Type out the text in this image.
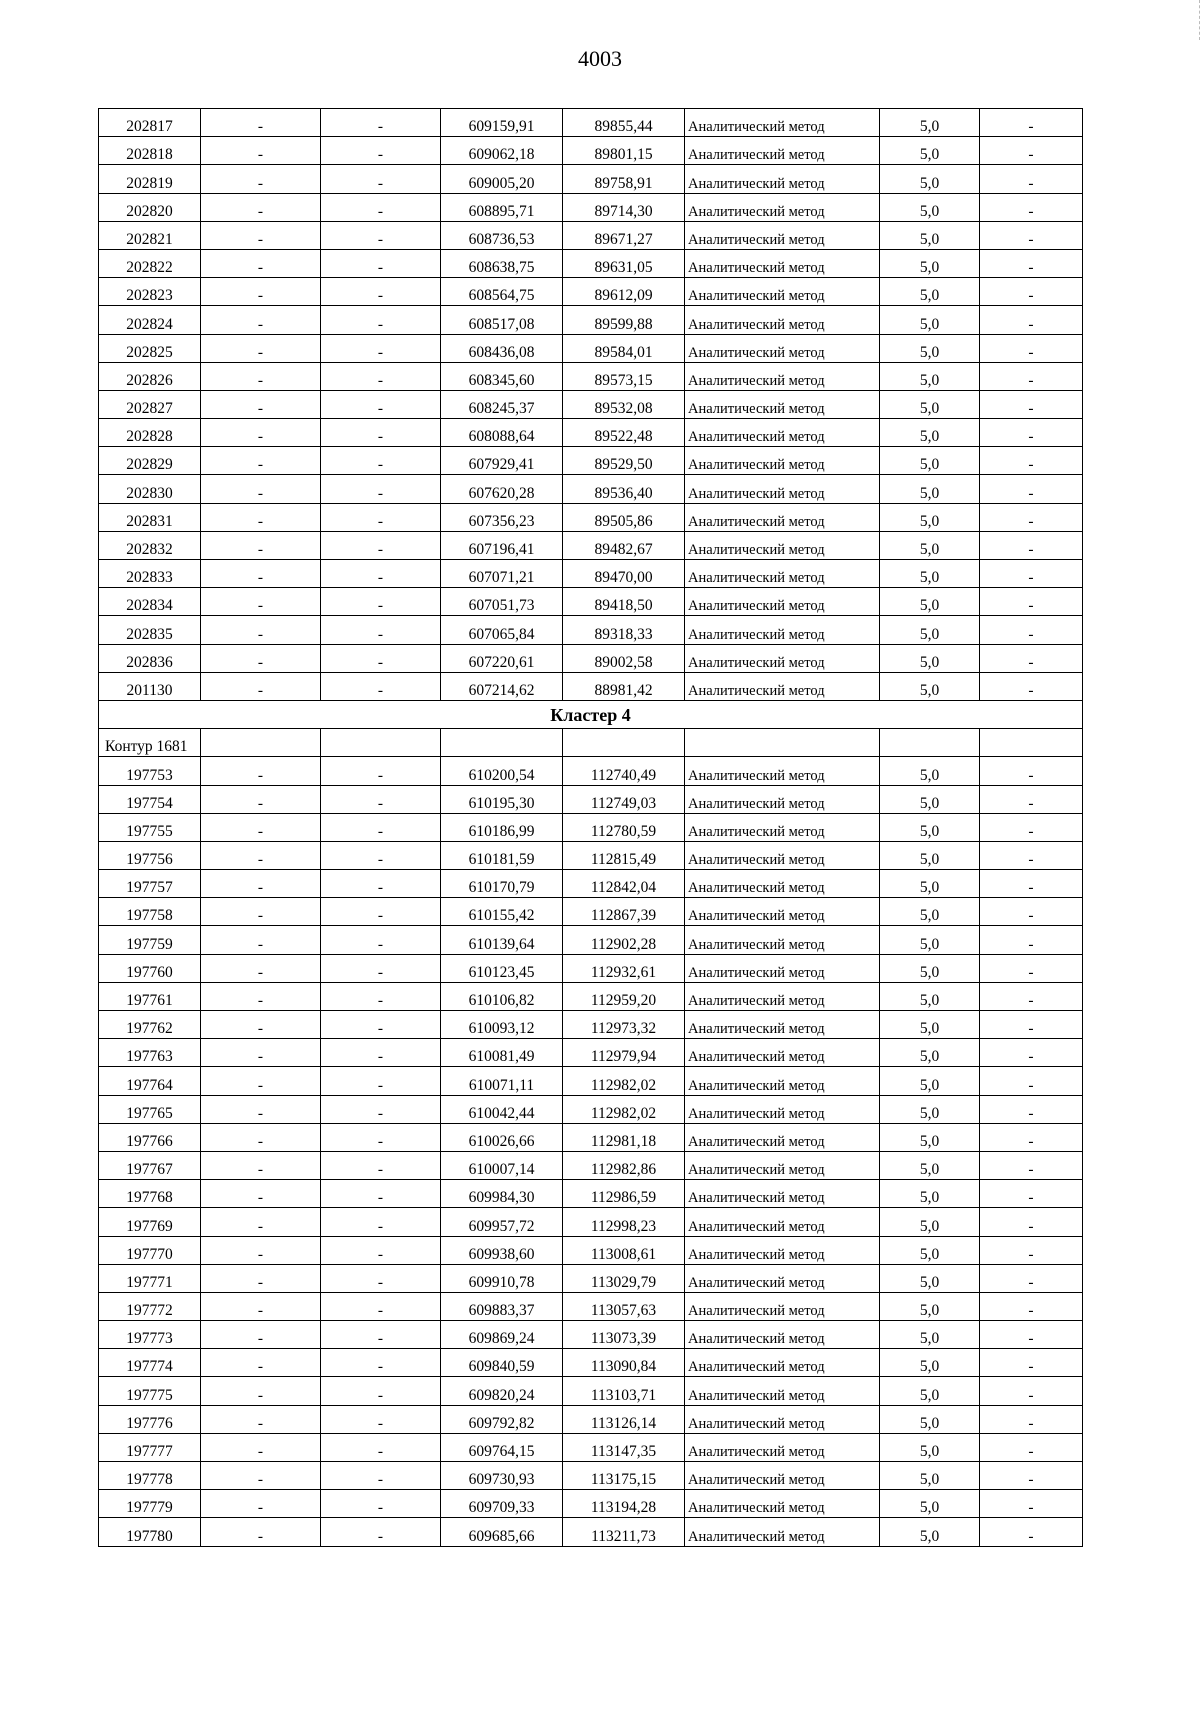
4003
202817	-	-	609159,91	89855,44	Аналитический метод	5,0	-
202818	-	-	609062,18	89801,15	Аналитический метод	5,0	-
202819	-	-	609005,20	89758,91	Аналитический метод	5,0	-
202820	-	-	608895,71	89714,30	Аналитический метод	5,0	-
202821	-	-	608736,53	89671,27	Аналитический метод	5,0	-
202822	-	-	608638,75	89631,05	Аналитический метод	5,0	-
202823	-	-	608564,75	89612,09	Аналитический метод	5,0	-
202824	-	-	608517,08	89599,88	Аналитический метод	5,0	-
202825	-	-	608436,08	89584,01	Аналитический метод	5,0	-
202826	-	-	608345,60	89573,15	Аналитический метод	5,0	-
202827	-	-	608245,37	89532,08	Аналитический метод	5,0	-
202828	-	-	608088,64	89522,48	Аналитический метод	5,0	-
202829	-	-	607929,41	89529,50	Аналитический метод	5,0	-
202830	-	-	607620,28	89536,40	Аналитический метод	5,0	-
202831	-	-	607356,23	89505,86	Аналитический метод	5,0	-
202832	-	-	607196,41	89482,67	Аналитический метод	5,0	-
202833	-	-	607071,21	89470,00	Аналитический метод	5,0	-
202834	-	-	607051,73	89418,50	Аналитический метод	5,0	-
202835	-	-	607065,84	89318,33	Аналитический метод	5,0	-
202836	-	-	607220,61	89002,58	Аналитический метод	5,0	-
201130	-	-	607214,62	88981,42	Аналитический метод	5,0	-
Кластер 4							
Контур 1681							
197753	-	-	610200,54	112740,49	Аналитический метод	5,0	-
197754	-	-	610195,30	112749,03	Аналитический метод	5,0	-
197755	-	-	610186,99	112780,59	Аналитический метод	5,0	-
197756	-	-	610181,59	112815,49	Аналитический метод	5,0	-
197757	-	-	610170,79	112842,04	Аналитический метод	5,0	-
197758	-	-	610155,42	112867,39	Аналитический метод	5,0	-
197759	-	-	610139,64	112902,28	Аналитический метод	5,0	-
197760	-	-	610123,45	112932,61	Аналитический метод	5,0	-
197761	-	-	610106,82	112959,20	Аналитический метод	5,0	-
197762	-	-	610093,12	112973,32	Аналитический метод	5,0	-
197763	-	-	610081,49	112979,94	Аналитический метод	5,0	-
197764	-	-	610071,11	112982,02	Аналитический метод	5,0	-
197765	-	-	610042,44	112982,02	Аналитический метод	5,0	-
197766	-	-	610026,66	112981,18	Аналитический метод	5,0	-
197767	-	-	610007,14	112982,86	Аналитический метод	5,0	-
197768	-	-	609984,30	112986,59	Аналитический метод	5,0	-
197769	-	-	609957,72	112998,23	Аналитический метод	5,0	-
197770	-	-	609938,60	113008,61	Аналитический метод	5,0	-
197771	-	-	609910,78	113029,79	Аналитический метод	5,0	-
197772	-	-	609883,37	113057,63	Аналитический метод	5,0	-
197773	-	-	609869,24	113073,39	Аналитический метод	5,0	-
197774	-	-	609840,59	113090,84	Аналитический метод	5,0	-
197775	-	-	609820,24	113103,71	Аналитический метод	5,0	-
197776	-	-	609792,82	113126,14	Аналитический метод	5,0	-
197777	-	-	609764,15	113147,35	Аналитический метод	5,0	-
197778	-	-	609730,93	113175,15	Аналитический метод	5,0	-
197779	-	-	609709,33	113194,28	Аналитический метод	5,0	-
197780	-	-	609685,66	113211,73	Аналитический метод	5,0	-
